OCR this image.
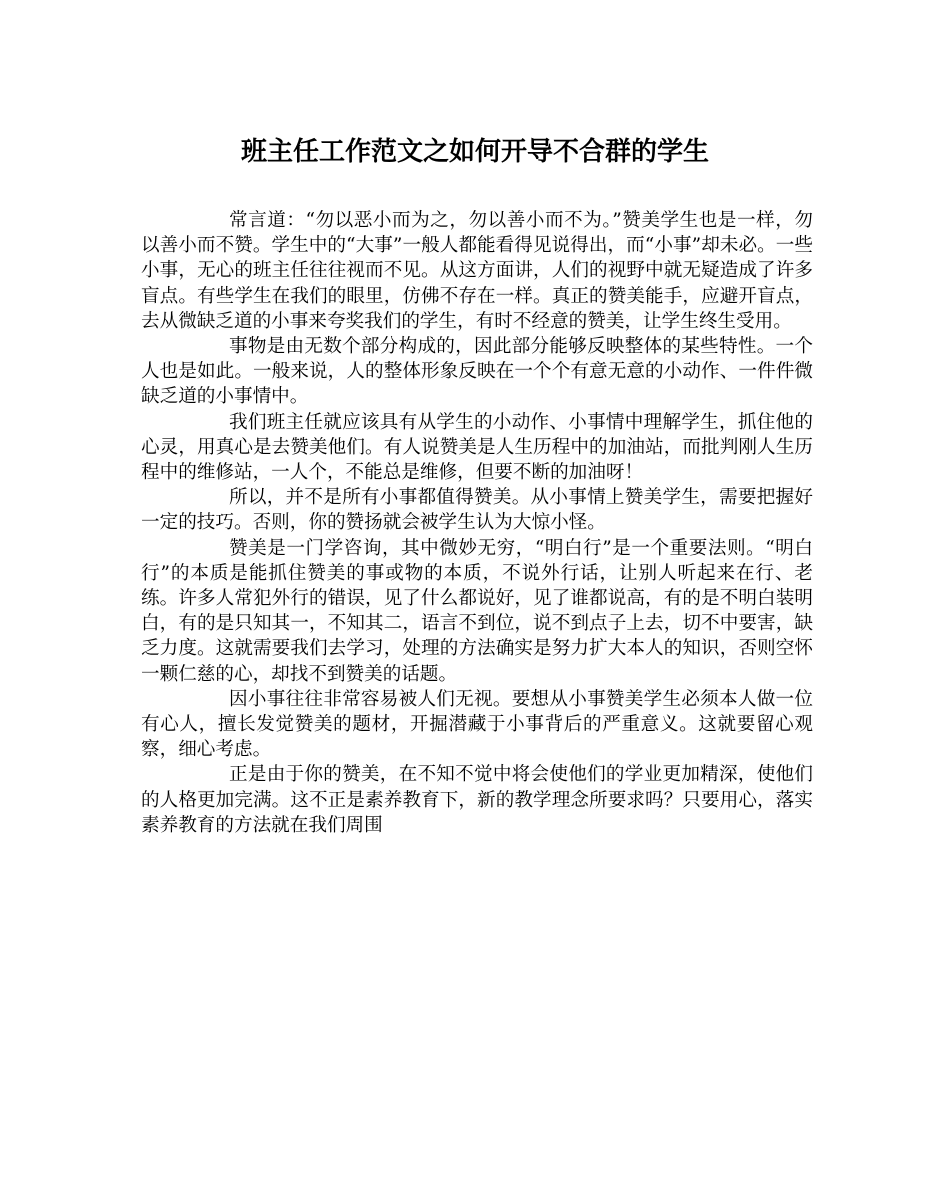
班主任工作范文之如何开导不合群的学生

常言道：“勿以恶小而为之，勿以善小而不为。”赞美学生也是一样，勿以善小而不赞。学生中的“大事”一般人都能看得见说得出，而“小事”却未必。一些小事，无心的班主任往往视而不见。从这方面讲，人们的视野中就无疑造成了许多盲点。有些学生在我们的眼里，仿佛不存在一样。真正的赞美能手，应避开盲点，去从微缺乏道的小事来夸奖我们的学生，有时不经意的赞美，让学生终生受用。

事物是由无数个部分构成的，因此部分能够反映整体的某些特性。一个人也是如此。一般来说，人的整体形象反映在一个个有意无意的小动作、一件件微缺乏道的小事情中。

我们班主任就应该具有从学生的小动作、小事情中理解学生，抓住他的心灵，用真心是去赞美他们。有人说赞美是人生历程中的加油站，而批判刚人生历程中的维修站，一人个，不能总是维修，但要不断的加油呀！

所以，并不是所有小事都值得赞美。从小事情上赞美学生，需要把握好一定的技巧。否则，你的赞扬就会被学生认为大惊小怪。

赞美是一门学咨询，其中微妙无穷，“明白行”是一个重要法则。“明白行”的本质是能抓住赞美的事或物的本质，不说外行话，让别人听起来在行、老练。许多人常犯外行的错误，见了什么都说好，见了谁都说高，有的是不明白装明白，有的是只知其一，不知其二，语言不到位，说不到点子上去，切不中要害，缺乏力度。这就需要我们去学习，处理的方法确实是努力扩大本人的知识，否则空怀一颗仁慈的心，却找不到赞美的话题。

因小事往往非常容易被人们无视。要想从小事赞美学生必须本人做一位有心人，擅长发觉赞美的题材，开掘潜藏于小事背后的严重意义。这就要留心观察，细心考虑。

正是由于你的赞美，在不知不觉中将会使他们的学业更加精深，使他们的人格更加完满。这不正是素养教育下，新的教学理念所要求吗？只要用心，落实素养教育的方法就在我们周围
